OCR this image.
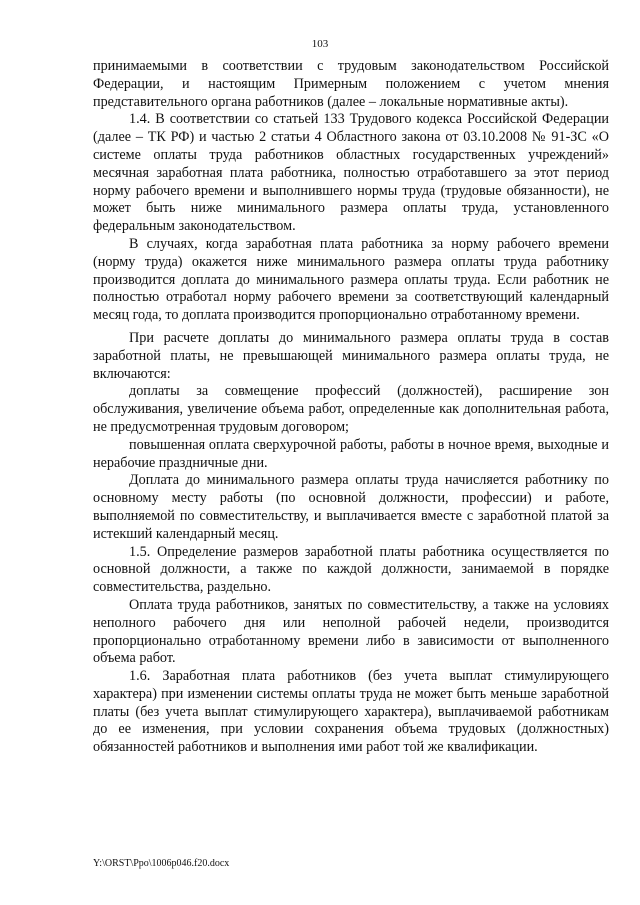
103

принимаемыми в соответствии с трудовым законодательством Российской Федерации, и настоящим Примерным положением с учетом мнения представительного органа работников (далее – локальные нормативные акты).

1.4. В соответствии со статьей 133 Трудового кодекса Российской Федерации (далее – ТК РФ) и частью 2 статьи 4 Областного закона от 03.10.2008 № 91-ЗС «О системе оплаты труда работников областных государственных учреждений» месячная заработная плата работника, полностью отработавшего за этот период норму рабочего времени и выполнившего нормы труда (трудовые обязанности), не может быть ниже минимального размера оплаты труда, установленного федеральным законодательством.

В случаях, когда заработная плата работника за норму рабочего времени (норму труда) окажется ниже минимального размера оплаты труда работнику производится доплата до минимального размера оплаты труда. Если работник не полностью отработал норму рабочего времени за соответствующий календарный месяц года, то доплата производится пропорционально отработанному времени.

При расчете доплаты до минимального размера оплаты труда в состав заработной платы, не превышающей минимального размера оплаты труда, не включаются:

доплаты за совмещение профессий (должностей), расширение зон обслуживания, увеличение объема работ, определенные как дополнительная работа, не предусмотренная трудовым договором;

повышенная оплата сверхурочной работы, работы в ночное время, выходные и нерабочие праздничные дни.

Доплата до минимального размера оплаты труда начисляется работнику по основному месту работы (по основной должности, профессии) и работе, выполняемой по совместительству, и выплачивается вместе с заработной платой за истекший календарный месяц.

1.5. Определение размеров заработной платы работника осуществляется по основной должности, а также по каждой должности, занимаемой в порядке совместительства, раздельно.

Оплата труда работников, занятых по совместительству, а также на условиях неполного рабочего дня или неполной рабочей недели, производится пропорционально отработанному времени либо в зависимости от выполненного объема работ.

1.6. Заработная плата работников (без учета выплат стимулирующего характера) при изменении системы оплаты труда не может быть меньше заработной платы (без учета выплат стимулирующего характера), выплачиваемой работникам до ее изменения, при условии сохранения объема трудовых (должностных) обязанностей работников и выполнения ими работ той же квалификации.

Y:\ORST\Ppo\1006p046.f20.docx
